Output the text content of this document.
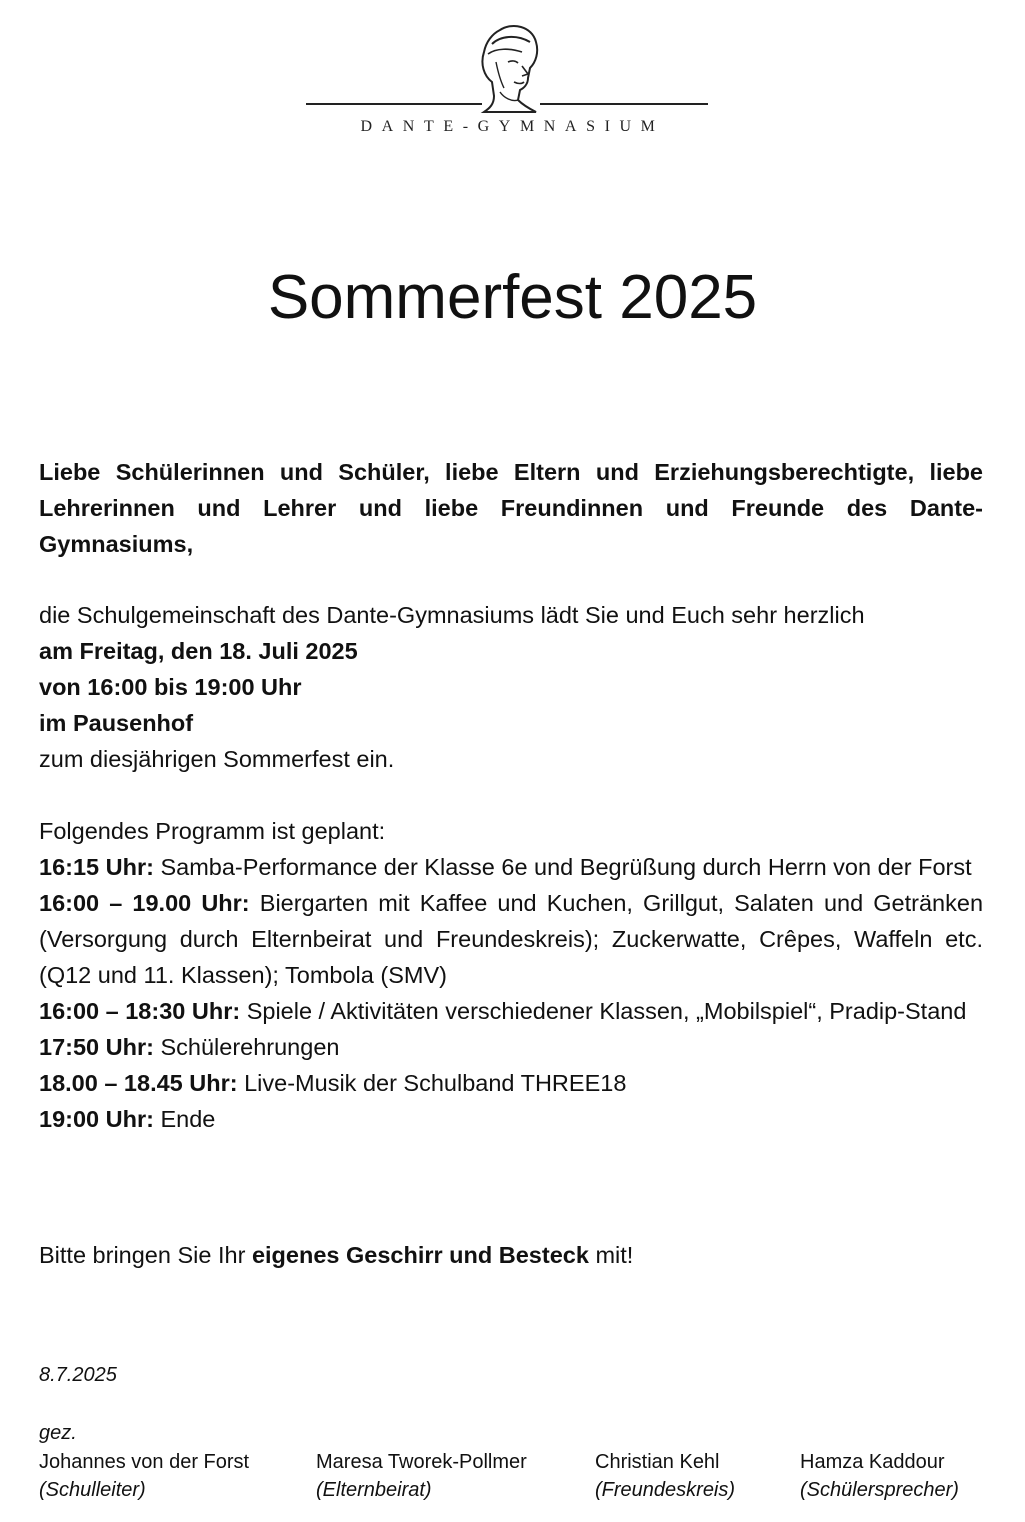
DANTE-GYMNASIUM
Sommerfest 2025
Liebe Schülerinnen und Schüler, liebe Eltern und Erziehungsberechtigte, liebe Lehrerinnen und Lehrer und liebe Freundinnen und Freunde des Dante-Gymnasiums,
die Schulgemeinschaft des Dante-Gymnasiums lädt Sie und Euch sehr herzlich
am Freitag, den 18. Juli 2025
von 16:00 bis 19:00 Uhr
im Pausenhof
zum diesjährigen Sommerfest ein.
Folgendes Programm ist geplant:
16:15 Uhr: Samba-Performance der Klasse 6e und Begrüßung durch Herrn von der Forst
16:00 – 19.00 Uhr: Biergarten mit Kaffee und Kuchen, Grillgut, Salaten und Getränken (Versorgung durch Elternbeirat und Freundeskreis); Zuckerwatte, Crêpes, Waffeln etc. (Q12 und 11. Klassen); Tombola (SMV)
16:00 – 18:30 Uhr: Spiele / Aktivitäten verschiedener Klassen, „Mobilspiel“, Pradip-Stand
17:50 Uhr: Schülerehrungen
18.00 – 18.45 Uhr: Live-Musik der Schulband THREE18
19:00 Uhr: Ende
Bitte bringen Sie Ihr eigenes Geschirr und Besteck mit!
8.7.2025
gez.
Johannes von der Forst
(Schulleiter)
Maresa Tworek-Pollmer
(Elternbeirat)
Christian Kehl
(Freundeskreis)
Hamza Kaddour
(Schülersprecher)
